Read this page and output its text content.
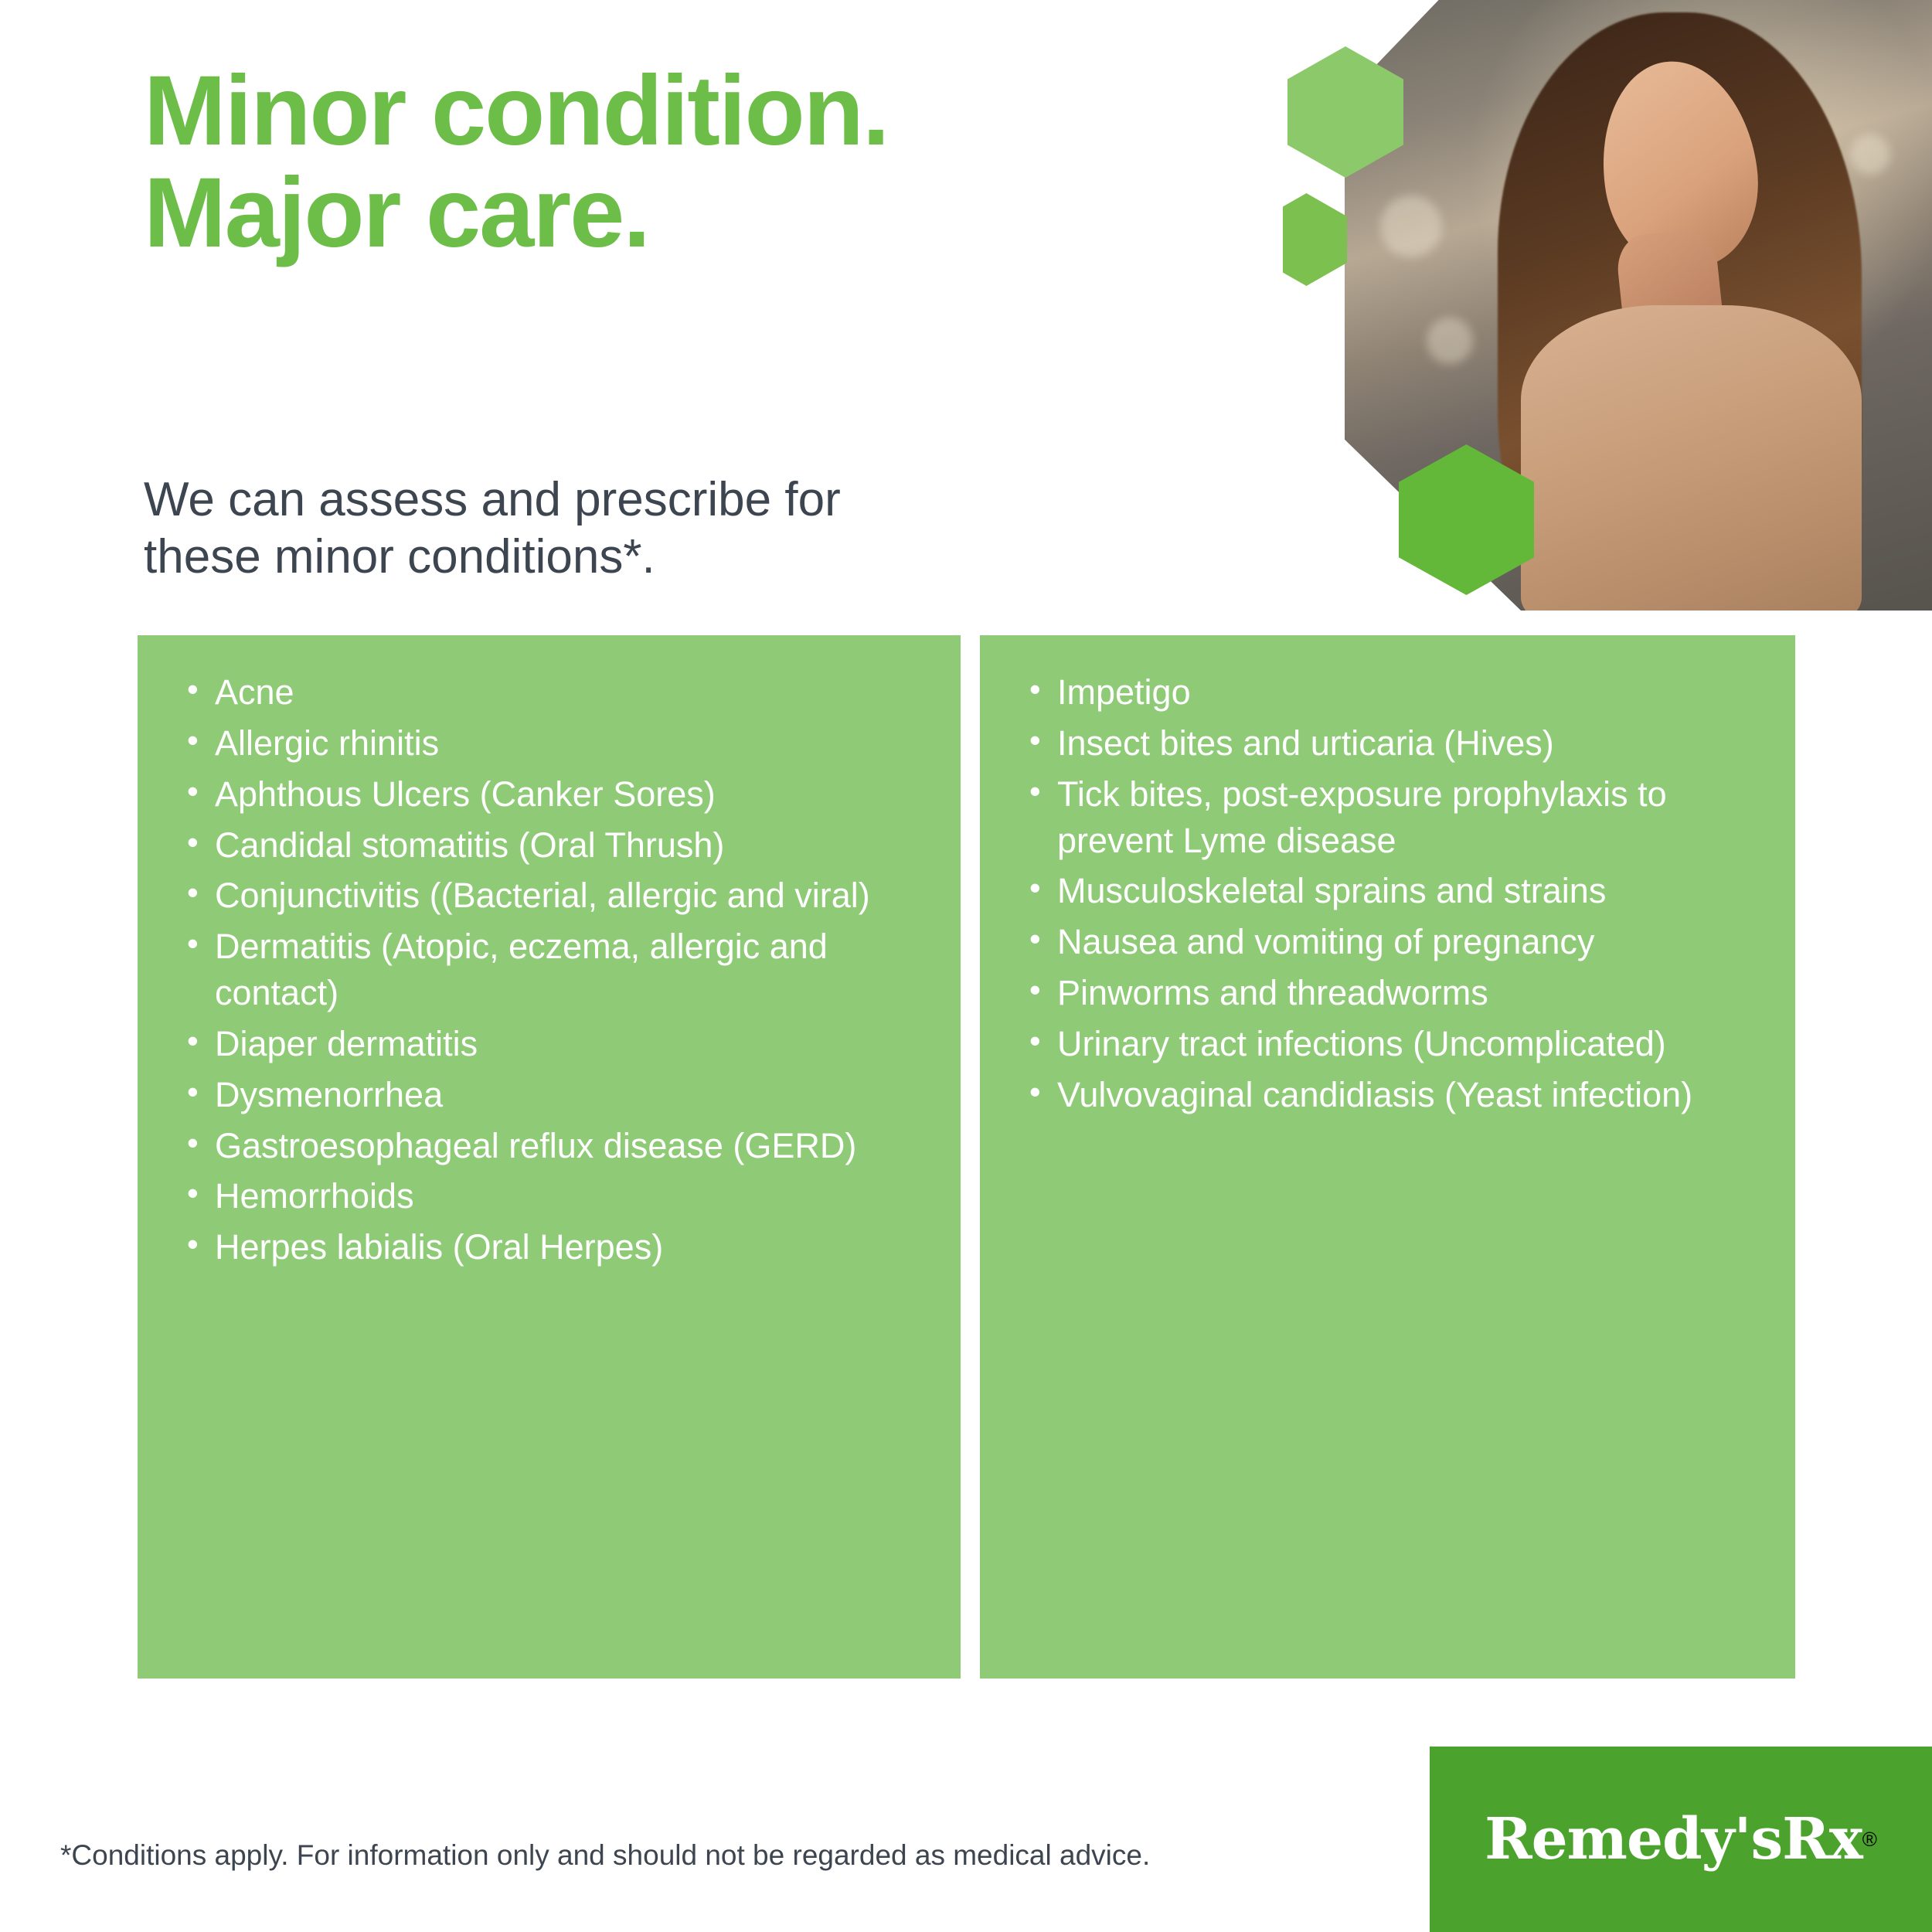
Minor condition. Major care.
We can assess and prescribe for these minor conditions*.
• Acne
• Allergic rhinitis
• Aphthous Ulcers (Canker Sores)
• Candidal stomatitis (Oral Thrush)
• Conjunctivitis ((Bacterial, allergic and viral)
• Dermatitis (Atopic, eczema, allergic and contact)
• Diaper dermatitis
• Dysmenorrhea
• Gastroesophageal reflux disease (GERD)
• Hemorrhoids
• Herpes labialis (Oral Herpes)
• Impetigo
• Insect bites and urticaria (Hives)
• Tick bites, post-exposure prophylaxis to prevent Lyme disease
• Musculoskeletal sprains and strains
• Nausea and vomiting of pregnancy
• Pinworms and threadworms
• Urinary tract infections (Uncomplicated)
• Vulvovaginal candidiasis (Yeast infection)
*Conditions apply. For information only and should not be regarded as medical advice.	Remedy'sRx ®
